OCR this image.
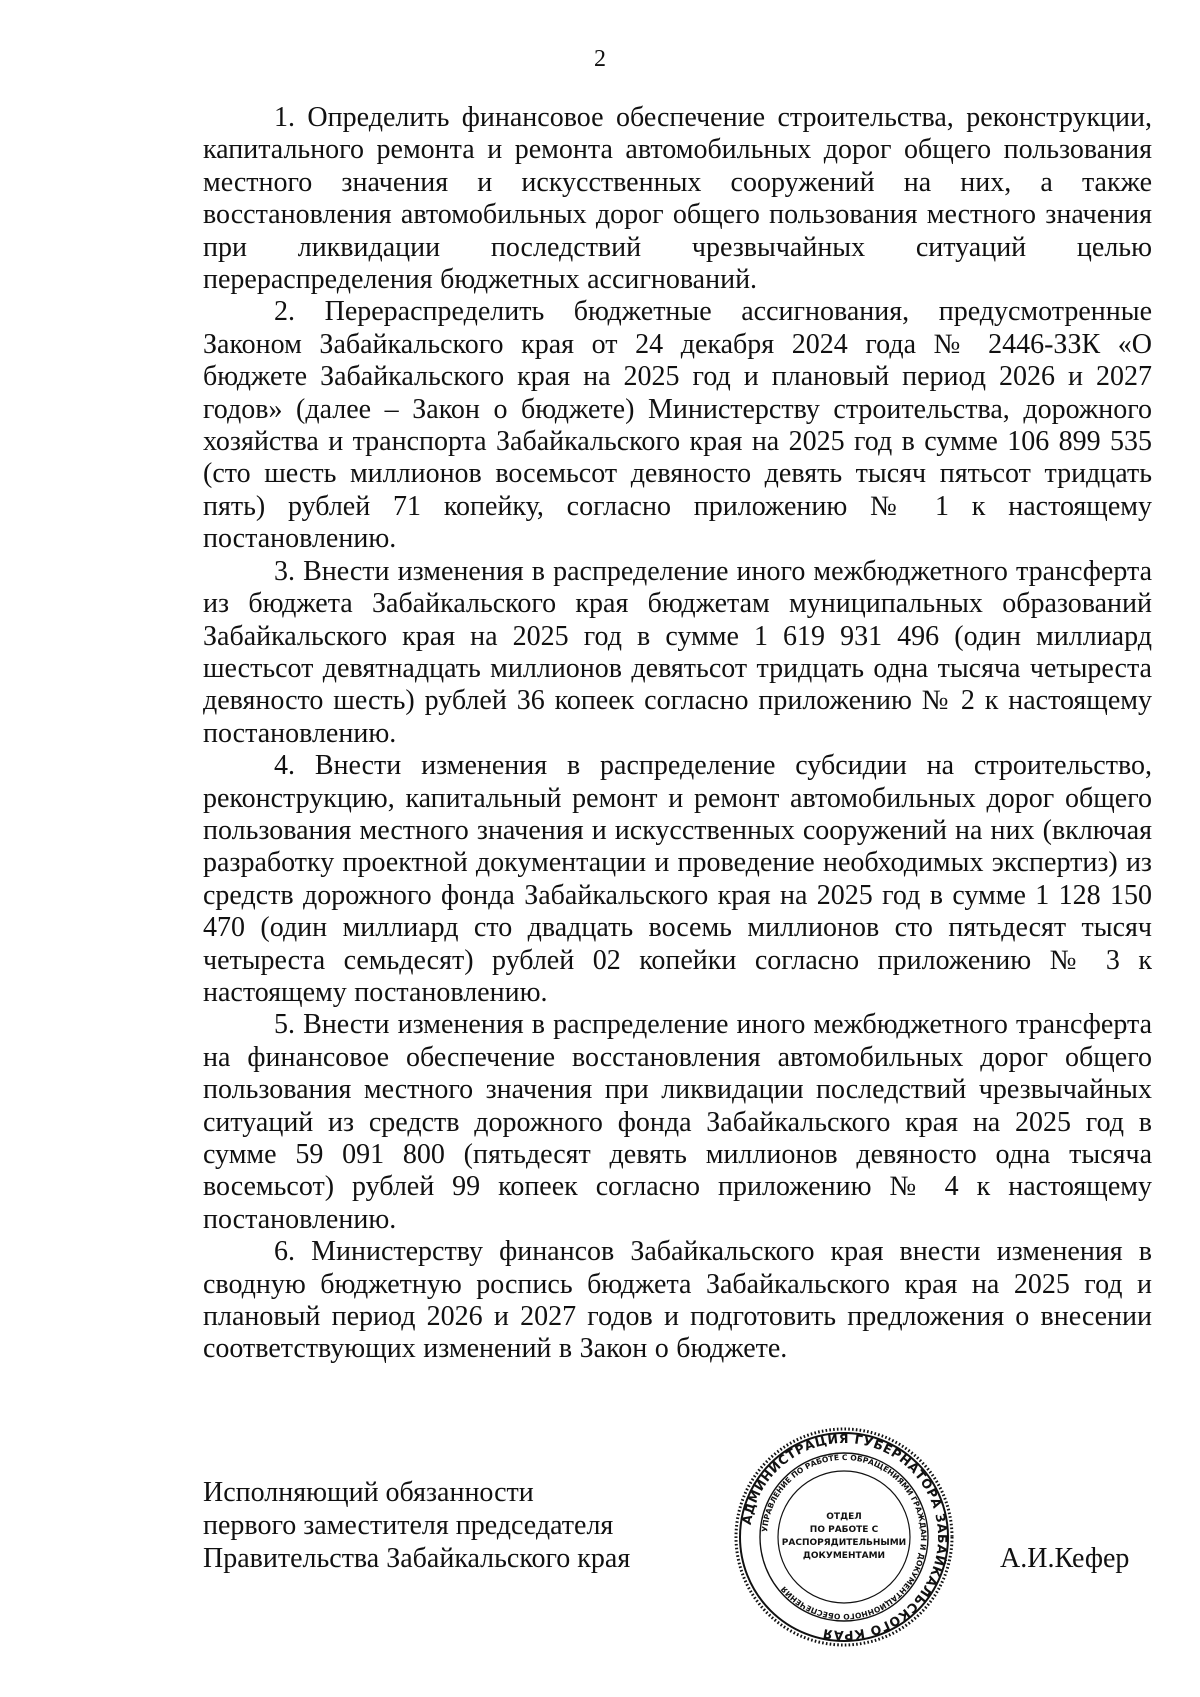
2

1. Определить финансовое обеспечение строительства, реконструкции, капитального ремонта и ремонта автомобильных дорог общего пользования местного значения и искусственных сооружений на них, а также восстановления автомобильных дорог общего пользования местного значения при ликвидации последствий чрезвычайных ситуаций целью перераспределения бюджетных ассигнований.

2. Перераспределить бюджетные ассигнования, предусмотренные Законом Забайкальского края от 24 декабря 2024 года № 2446-ЗЗК «О бюджете Забайкальского края на 2025 год и плановый период 2026 и 2027 годов» (далее – Закон о бюджете) Министерству строительства, дорожного хозяйства и транспорта Забайкальского края на 2025 год в сумме 106 899 535 (сто шесть миллионов восемьсот девяносто девять тысяч пятьсот тридцать пять) рублей 71 копейку, согласно приложению № 1 к настоящему постановлению.

3. Внести изменения в распределение иного межбюджетного трансферта из бюджета Забайкальского края бюджетам муниципальных образований Забайкальского края на 2025 год в сумме 1 619 931 496 (один миллиард шестьсот девятнадцать миллионов девятьсот тридцать одна тысяча четыреста девяносто шесть) рублей 36 копеек согласно приложению № 2 к настоящему постановлению.

4. Внести изменения в распределение субсидии на строительство, реконструкцию, капитальный ремонт и ремонт автомобильных дорог общего пользования местного значения и искусственных сооружений на них (включая разработку проектной документации и проведение необходимых экспертиз) из средств дорожного фонда Забайкальского края на 2025 год в сумме 1 128 150 470 (один миллиард сто двадцать восемь миллионов сто пятьдесят тысяч четыреста семьдесят) рублей 02 копейки согласно приложению № 3 к настоящему постановлению.

5. Внести изменения в распределение иного межбюджетного трансферта на финансовое обеспечение восстановления автомобильных дорог общего пользования местного значения при ликвидации последствий чрезвычайных ситуаций из средств дорожного фонда Забайкальского края на 2025 год в сумме 59 091 800 (пятьдесят девять миллионов девяносто одна тысяча восемьсот) рублей 99 копеек согласно приложению № 4 к настоящему постановлению.

6. Министерству финансов Забайкальского края внести изменения в сводную бюджетную роспись бюджета Забайкальского края на 2025 год и плановый период 2026 и 2027 годов и подготовить предложения о внесении соответствующих изменений в Закон о бюджете.

Исполняющий обязанности
первого заместителя председателя
Правительства Забайкальского края
АДМИНИСТРАЦИЯ ГУБЕРНАТОРА ЗАБАЙКАЛЬСКОГО КРАЯ
УПРАВЛЕНИЕ ПО РАБОТЕ С ОБРАЩЕНИЯМИ ГРАЖДАН И ДОКУМЕНТАЦИОННОГО ОБЕСПЕЧЕНИЯ
ОТДЕЛ
ПО РАБОТЕ С
РАСПОРЯДИТЕЛЬНЫМИ
ДОКУМЕНТАМИ	А.И.Кефер
